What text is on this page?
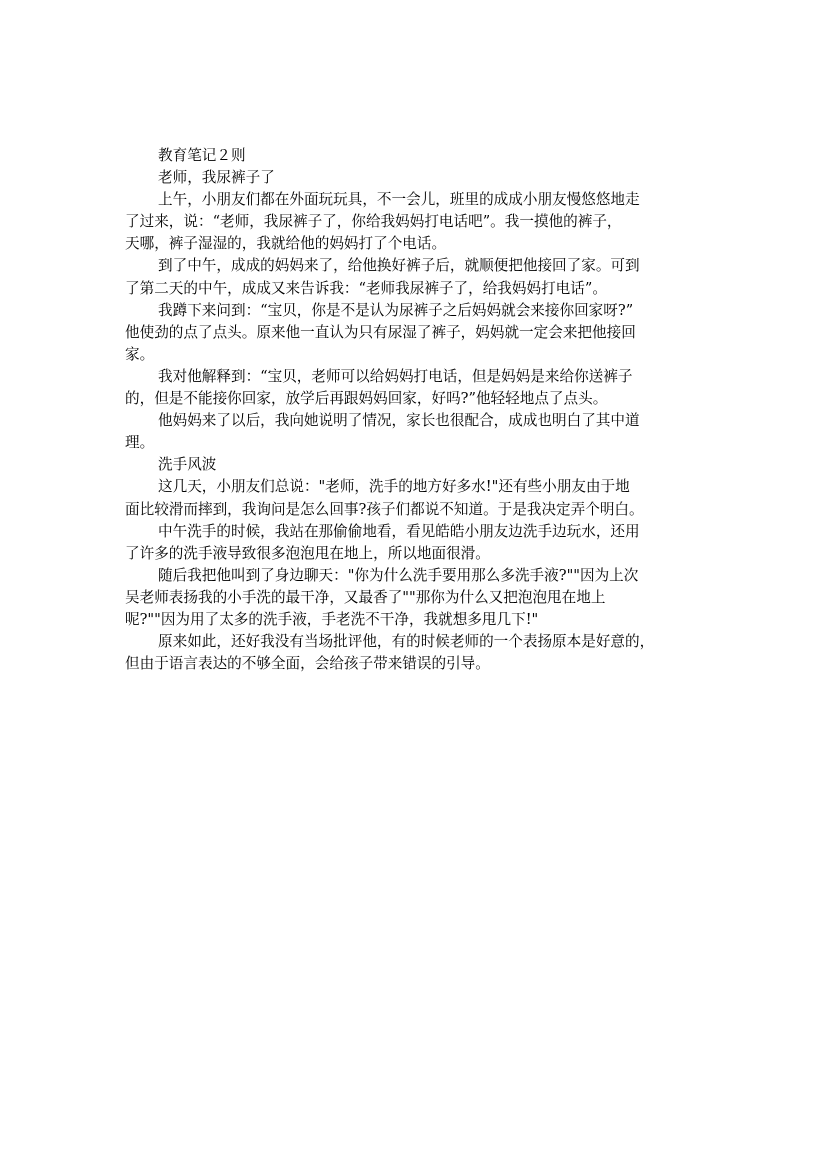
教育笔记２则

老师，我尿裤子了

上午，小朋友们都在外面玩玩具，不一会儿，班里的成成小朋友慢悠悠地走

了过来，说：“老师，我尿裤子了，你给我妈妈打电话吧”。我一摸他的裤子，

天哪，裤子湿湿的，我就给他的妈妈打了个电话。

到了中午，成成的妈妈来了，给他换好裤子后，就顺便把他接回了家。可到

了第二天的中午，成成又来告诉我：“老师我尿裤子了，给我妈妈打电话”。

我蹲下来问到：“宝贝，你是不是认为尿裤子之后妈妈就会来接你回家呀?”

他使劲的点了点头。原来他一直认为只有尿湿了裤子，妈妈就一定会来把他接回

家。

我对他解释到：“宝贝，老师可以给妈妈打电话，但是妈妈是来给你送裤子

的，但是不能接你回家，放学后再跟妈妈回家，好吗?”他轻轻地点了点头。

他妈妈来了以后，我向她说明了情况，家长也很配合，成成也明白了其中道

理。

洗手风波

这几天，小朋友们总说："老师，洗手的地方好多水!"还有些小朋友由于地

面比较滑而摔到，我询问是怎么回事?孩子们都说不知道。于是我决定弄个明白。

中午洗手的时候，我站在那偷偷地看，看见皓皓小朋友边洗手边玩水，还用

了许多的洗手液导致很多泡泡甩在地上，所以地面很滑。

随后我把他叫到了身边聊天："你为什么洗手要用那么多洗手液?""因为上次

吴老师表扬我的小手洗的最干净，又最香了""那你为什么又把泡泡甩在地上

呢?""因为用了太多的洗手液，手老洗不干净，我就想多甩几下!"

原来如此，还好我没有当场批评他，有的时候老师的一个表扬原本是好意的，

但由于语言表达的不够全面，会给孩子带来错误的引导。
